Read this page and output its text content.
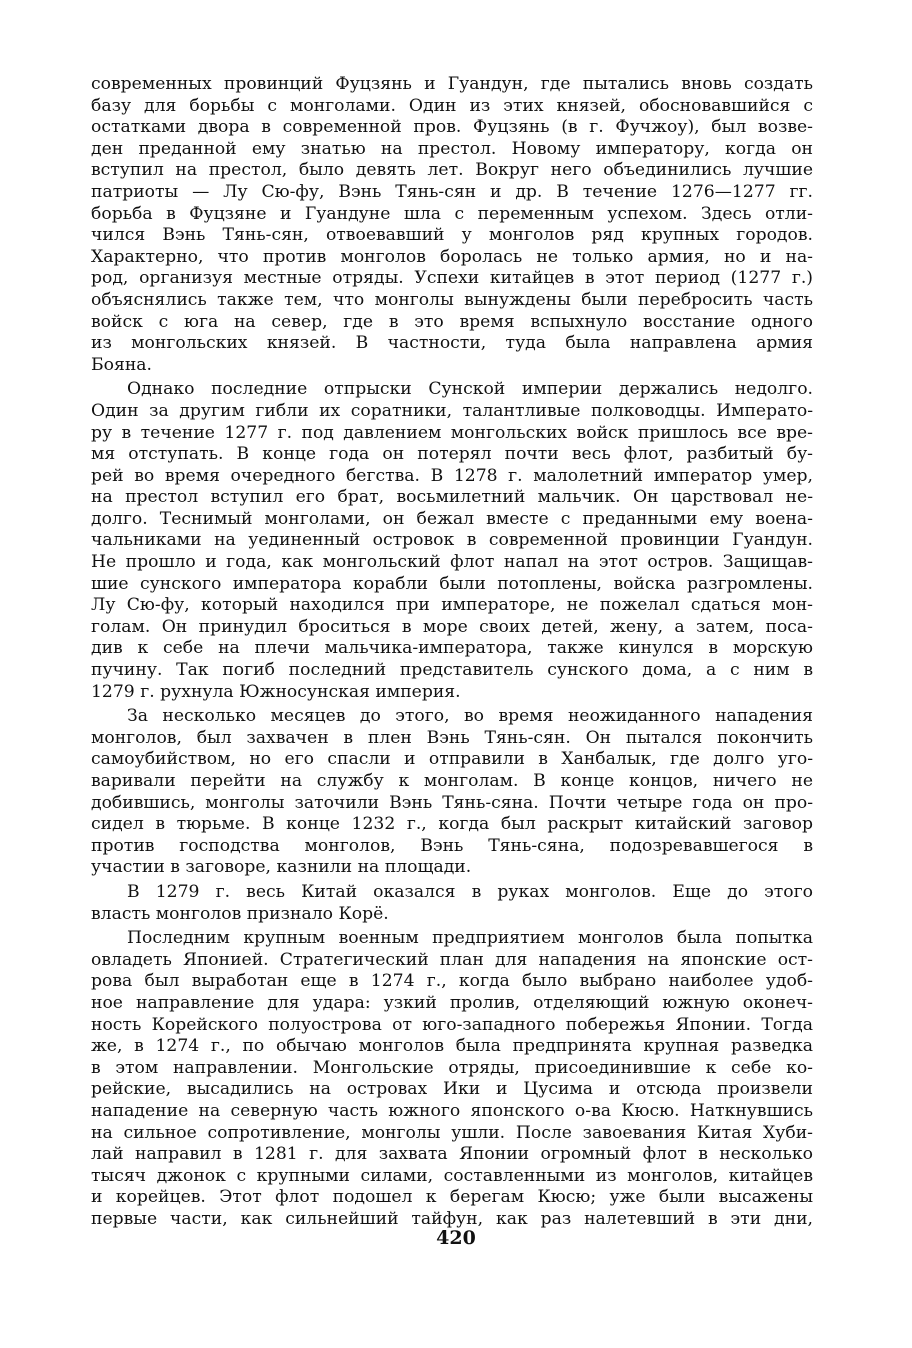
современных провинций Фуцзянь и Гуандун, где пытались вновь создать
базу для борьбы с монголами. Один из этих князей, обосновавшийся с
остатками двора в современной пров. Фуцзянь (в г. Фучжоу), был возве-
ден преданной ему знатью на престол. Новому императору, когда он
вступил на престол, было девять лет. Вокруг него объединились лучшие
патриоты — Лу Сю-фу, Вэнь Тянь-сян и др. В течение 1276—1277 гг.
борьба в Фуцзяне и Гуандуне шла с переменным успехом. Здесь отли-
чился Вэнь Тянь-сян, отвоевавший у монголов ряд крупных городов.
Характерно, что против монголов боролась не только армия, но и на-
род, организуя местные отряды. Успехи китайцев в этот период (1277 г.)
объяснялись также тем, что монголы вынуждены были перебросить часть
войск с юга на север, где в это время вспыхнуло восстание одного
из монгольских князей. В частности, туда была направлена армия
Бояна.
Однако последние отпрыски Сунской империи держались недолго.
Один за другим гибли их соратники, талантливые полководцы. Императо-
ру в течение 1277 г. под давлением монгольских войск пришлось все вре-
мя отступать. В конце года он потерял почти весь флот, разбитый бу-
рей во время очередного бегства. В 1278 г. малолетний император умер,
на престол вступил его брат, восьмилетний мальчик. Он царствовал не-
долго. Теснимый монголами, он бежал вместе с преданными ему воена-
чальниками на уединенный островок в современной провинции Гуандун.
Не прошло и года, как монгольский флот напал на этот остров. Защищав-
шие сунского императора корабли были потоплены, войска разгромлены.
Лу Сю-фу, который находился при императоре, не пожелал сдаться мон-
голам. Он принудил броситься в море своих детей, жену, а затем, поса-
див к себе на плечи мальчика-императора, также кинулся в морскую
пучину. Так погиб последний представитель сунского дома, а с ним в
1279 г. рухнула Южносунская империя.
За несколько месяцев до этого, во время неожиданного нападения
монголов, был захвачен в плен Вэнь Тянь-сян. Он пытался покончить
самоубийством, но его спасли и отправили в Ханбалык, где долго уго-
варивали перейти на службу к монголам. В конце концов, ничего не
добившись, монголы заточили Вэнь Тянь-сяна. Почти четыре года он про-
сидел в тюрьме. В конце 1232 г., когда был раскрыт китайский заговор
против господства монголов, Вэнь Тянь-сяна, подозревавшегося в
участии в заговоре, казнили на площади.
В 1279 г. весь Китай оказался в руках монголов. Еще до этого
власть монголов признало Корё.
Последним крупным военным предприятием монголов была попытка
овладеть Японией. Стратегический план для нападения на японские ост-
рова был выработан еще в 1274 г., когда было выбрано наиболее удоб-
ное направление для удара: узкий пролив, отделяющий южную оконеч-
ность Корейского полуострова от юго-западного побережья Японии. Тогда
же, в 1274 г., по обычаю монголов была предпринята крупная разведка
в этом направлении. Монгольские отряды, присоединившие к себе ко-
рейские, высадились на островах Ики и Цусима и отсюда произвели
нападение на северную часть южного японского о-ва Кюсю. Наткнувшись
на сильное сопротивление, монголы ушли. После завоевания Китая Хуби-
лай направил в 1281 г. для захвата Японии огромный флот в несколько
тысяч джонок с крупными силами, составленными из монголов, китайцев
и корейцев. Этот флот подошел к берегам Кюсю; уже были высажены
первые части, как сильнейший тайфун, как раз налетевший в эти дни,
420
